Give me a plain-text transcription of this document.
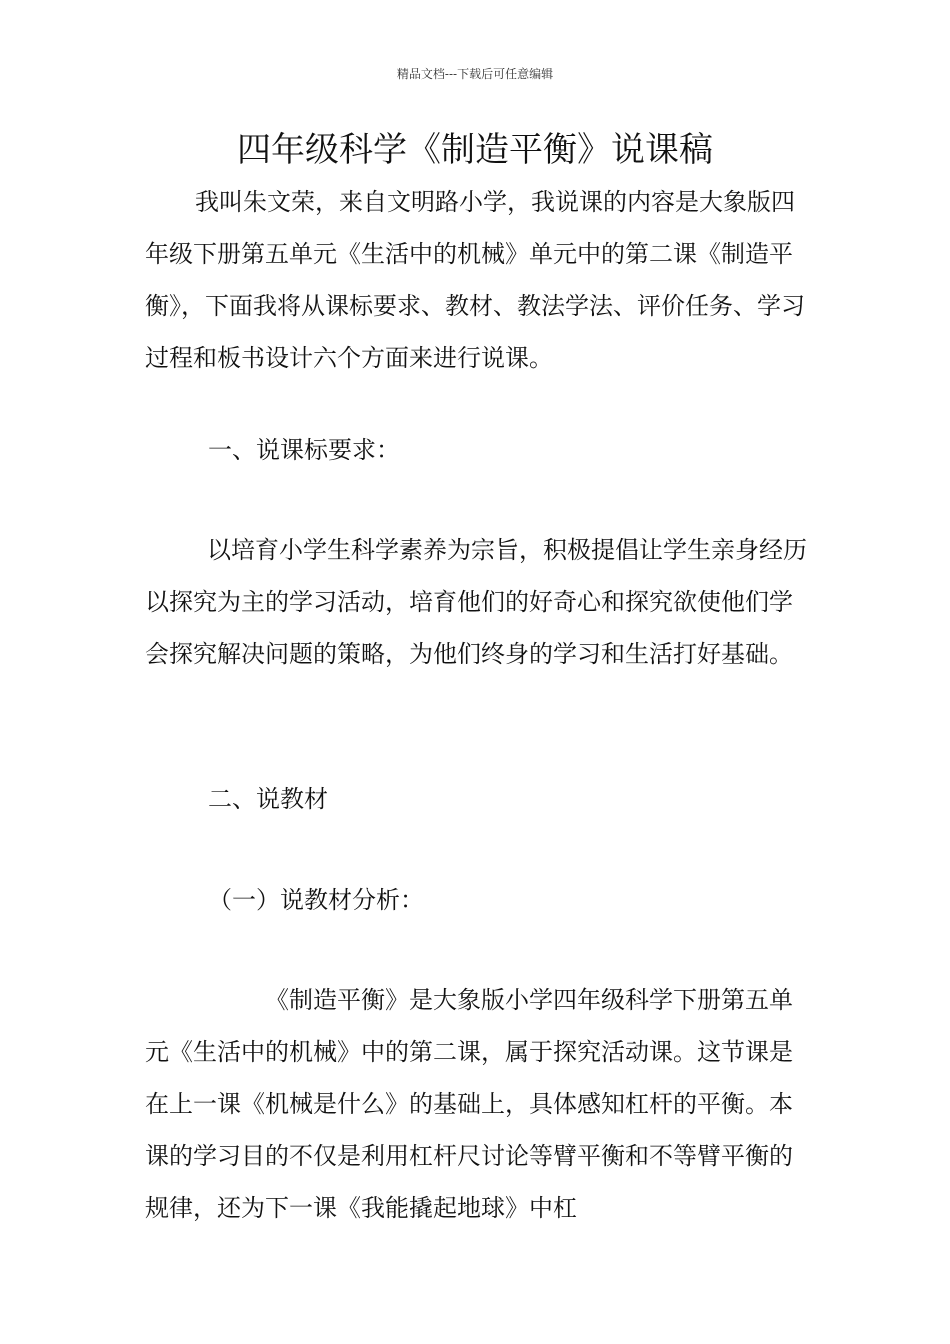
精品文档---下载后可任意编辑
四年级科学《制造平衡》说课稿

我叫朱文荣，来自文明路小学，我说课的内容是大象版四年级下册第五单元《生活中的机械》单元中的第二课《制造平衡》，下面我将从课标要求、教材、教法学法、评价任务、学习过程和板书设计六个方面来进行说课。

一、说课标要求：

以培育小学生科学素养为宗旨，积极提倡让学生亲身经历以探究为主的学习活动，培育他们的好奇心和探究欲使他们学会探究解决问题的策略，为他们终身的学习和生活打好基础。

二、说教材

（一）说教材分析：

《制造平衡》是大象版小学四年级科学下册第五单元《生活中的机械》中的第二课，属于探究活动课。这节课是在上一课《机械是什么》的基础上，具体感知杠杆的平衡。本课的学习目的不仅是利用杠杆尺讨论等臂平衡和不等臂平衡的规律，还为下一课《我能撬起地球》中杠
